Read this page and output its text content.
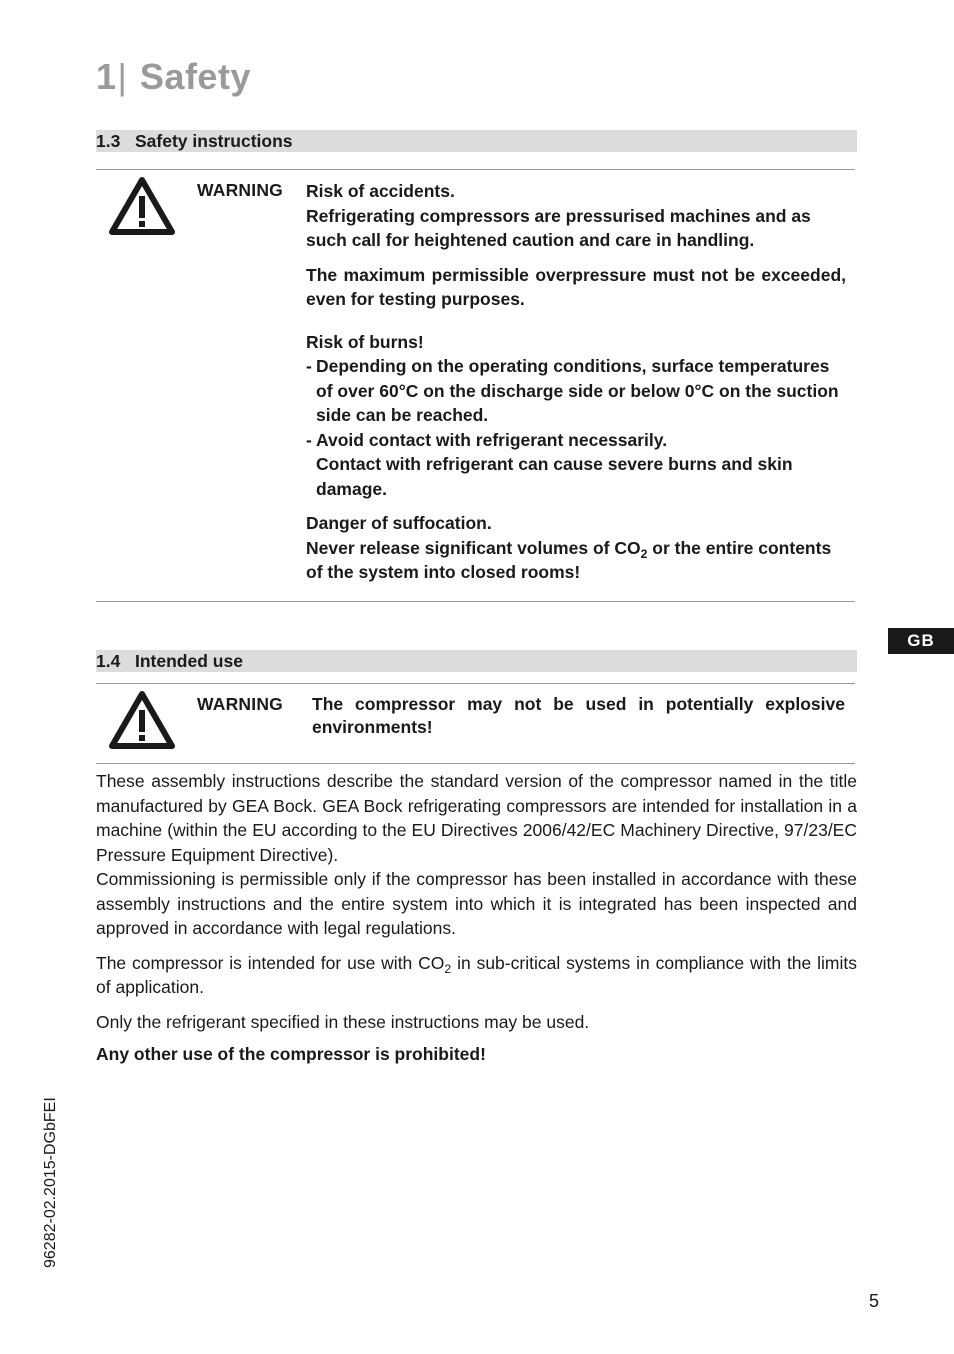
1| Safety
1.3 Safety instructions
WARNING Risk of accidents.

Refrigerating compressors are pressurised machines and as such call for heightened caution and care in handling.

The maximum permissible overpressure must not be exceeded, even for testing purposes.

Risk of burns!

- Depending on the operating conditions, surface temperatures of over 60°C on the discharge side or below 0°C on the suction side can be reached.
- Avoid contact with refrigerant necessarily.
Contact with refrigerant can cause severe burns and skin damage.

Danger of suffocation.

Never release significant volumes of $CO_2$ or the entire contents of the system into closed rooms!

GB
1.4 Intended use
WARNING The compressor may not be used in potentially explosive environments!

These assembly instructions describe the standard version of the compressor named in the title manufactured by GEA Bock. GEA Bock refrigerating compressors are intended for installation in a machine (within the EU according to the EU Directives 2006/42/EC Machinery Directive, 97/23/EC Pressure Equipment Directive).

Commissioning is permissible only if the compressor has been installed in accordance with these assembly instructions and the entire system into which it is integrated has been inspected and approved in accordance with legal regulations.

The compressor is intended for use with $CO_2$ in sub-critical systems in compliance with the limits of application.

Only the refrigerant specified in these instructions may be used.

Any other use of the compressor is prohibited!

96282-02.2015-DGbFEI
5
